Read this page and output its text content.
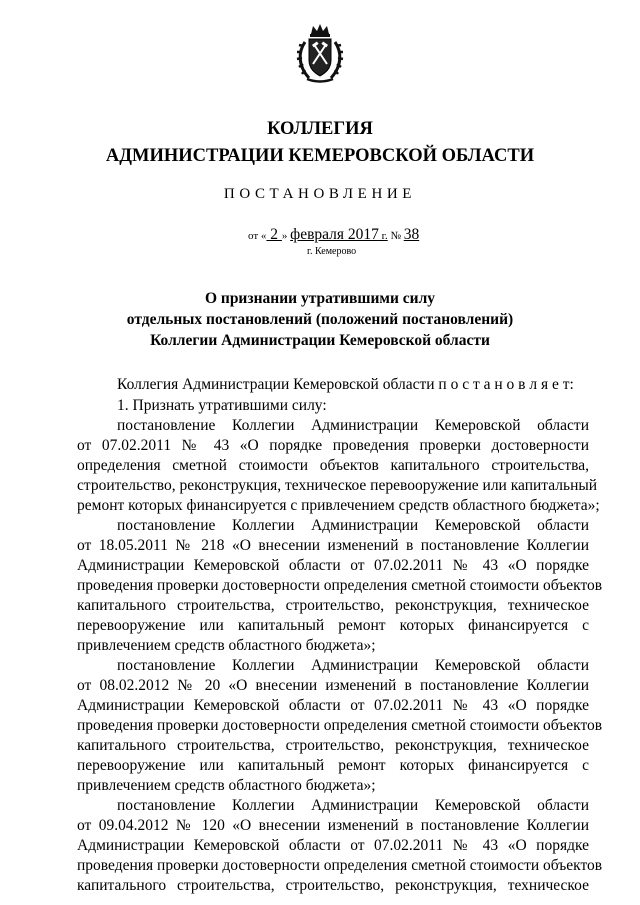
КОЛЛЕГИЯ
АДМИНИСТРАЦИИ КЕМЕРОВСКОЙ ОБЛАСТИ
ПОСТАНОВЛЕНИЕ
от « 2 » февраля 2017 г. № 38
г. Кемерово
О признании утратившими силу
отдельных постановлений (положений постановлений)
Коллегии Администрации Кемеровской области
Коллегия Администрации Кемеровской области п о с т а н о в л я е т:
1. Признать утратившими силу:
постановление Коллегии Администрации Кемеровской области
от 07.02.2011 № 43 «О порядке проведения проверки достоверности
определения сметной стоимости объектов капитального строительства,
строительство, реконструкция, техническое перевооружение или капитальный
ремонт которых финансируется с привлечением средств областного бюджета»;
постановление Коллегии Администрации Кемеровской области
от 18.05.2011 № 218 «О внесении изменений в постановление Коллегии
Администрации Кемеровской области от 07.02.2011 № 43 «О порядке
проведения проверки достоверности определения сметной стоимости объектов
капитального строительства, строительство, реконструкция, техническое
перевооружение или капитальный ремонт которых финансируется с
привлечением средств областного бюджета»;
постановление Коллегии Администрации Кемеровской области
от 08.02.2012 № 20 «О внесении изменений в постановление Коллегии
Администрации Кемеровской области от 07.02.2011 № 43 «О порядке
проведения проверки достоверности определения сметной стоимости объектов
капитального строительства, строительство, реконструкция, техническое
перевооружение или капитальный ремонт которых финансируется с
привлечением средств областного бюджета»;
постановление Коллегии Администрации Кемеровской области
от 09.04.2012 № 120 «О внесении изменений в постановление Коллегии
Администрации Кемеровской области от 07.02.2011 № 43 «О порядке
проведения проверки достоверности определения сметной стоимости объектов
капитального строительства, строительство, реконструкция, техническое
